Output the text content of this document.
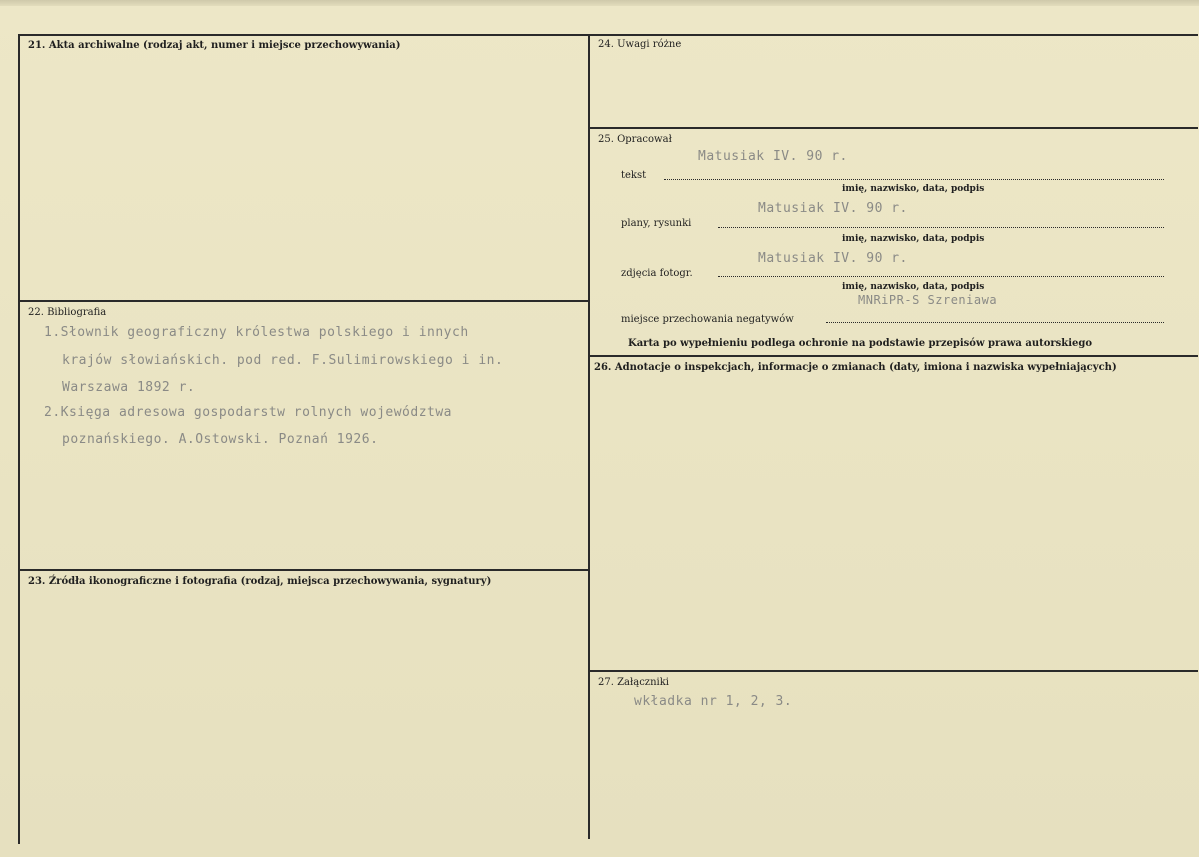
21. Akta archiwalne (rodzaj akt, numer i miejsce przechowywania)
22. Bibliografia
1.Słownik geograficzny królestwa polskiego i innych
krajów słowiańskich. pod red. F.Sulimirowskiego i in.
Warszawa 1892 r.
2.Księga adresowa gospodarstw rolnych województwa
poznańskiego. A.Ostowski. Poznań 1926.
23. Źródła ikonograficzne i fotografia (rodzaj, miejsca przechowywania, sygnatury)
24. Uwagi różne
25. Opracował
Matusiak IV. 90 r.
tekst
imię, nazwisko, data, podpis
Matusiak IV. 90 r.
plany, rysunki
imię, nazwisko, data, podpis
Matusiak IV. 90 r.
zdjęcia fotogr.
imię, nazwisko, data, podpis
MNRiPR-S Szreniawa
miejsce przechowania negatywów
Karta po wypełnieniu podlega ochronie na podstawie przepisów prawa autorskiego
26. Adnotacje o inspekcjach, informacje o zmianach (daty, imiona i nazwiska wypełniających)
27. Załączniki
wkładka nr 1, 2, 3.
